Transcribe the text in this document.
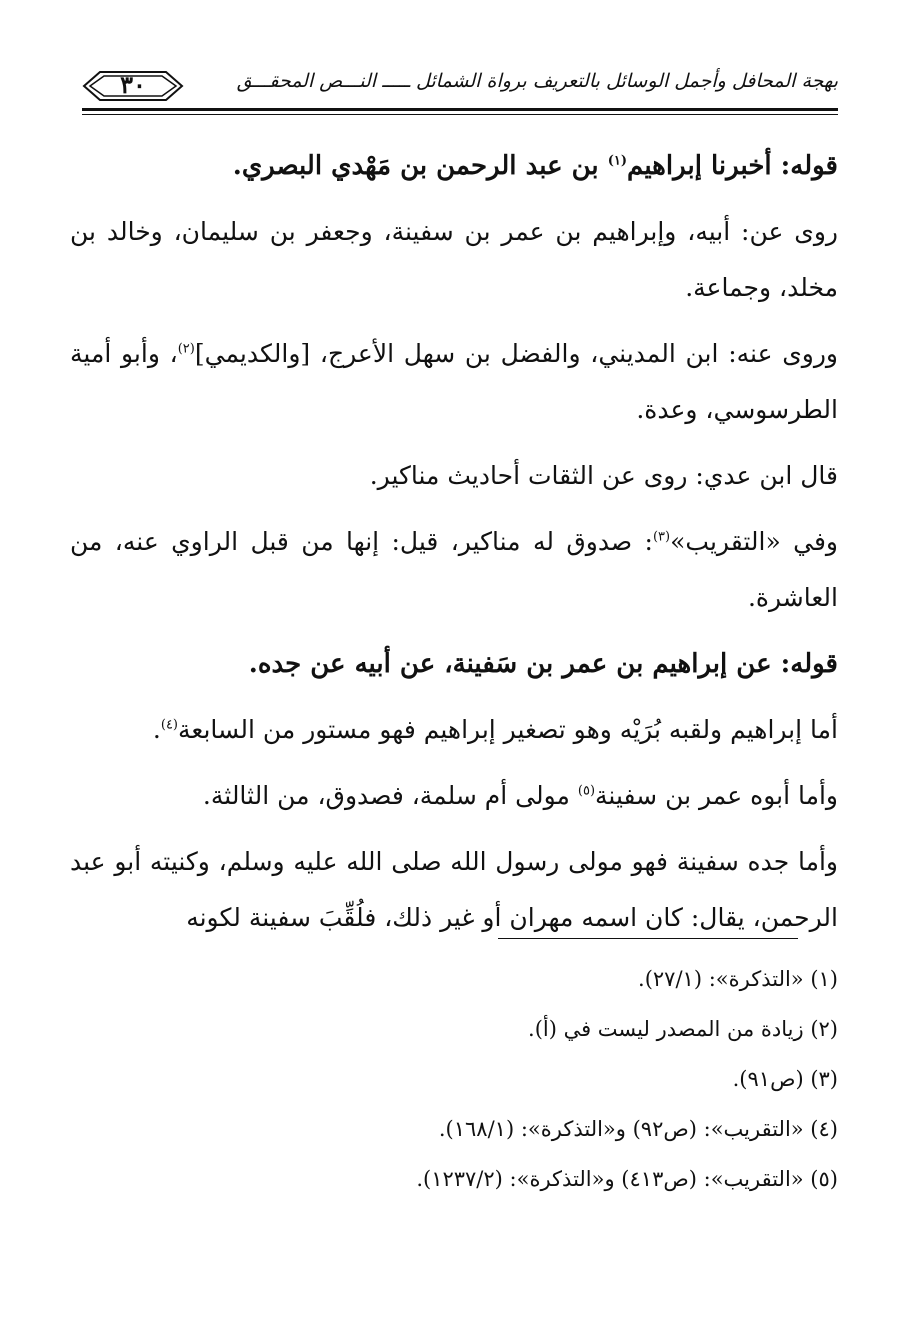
٣٠	بهجة المحافل وأجمل الوسائل بالتعريف برواة الشمائل ـــــ النـــص المحقـــق

قوله: أخبرنا إبراهيم$^{(١)}$ بن عبد الرحمن بن مَهْدي البصري.

روى عن: أبيه، وإبراهيم بن عمر بن سفينة، وجعفر بن سليمان، وخالد بن مخلد، وجماعة.

وروى عنه: ابن المديني، والفضل بن سهل الأعرج، [والكديمي]$^{(٢)}$، وأبو أمية الطرسوسي، وعدة.

قال ابن عدي: روى عن الثقات أحاديث مناكير.

وفي «التقريب»$^{(٣)}$: صدوق له مناكير، قيل: إنها من قبل الراوي عنه، من العاشرة.

قوله: عن إبراهيم بن عمر بن سَفينة، عن أبيه عن جده.

أما إبراهيم ولقبه بُرَيْه وهو تصغير إبراهيم فهو مستور من السابعة$^{(٤)}$.

وأما أبوه عمر بن سفينة$^{(٥)}$ مولى أم سلمة، فصدوق، من الثالثة.

وأما جده سفينة فهو مولى رسول الله صلى الله عليه وسلم، وكنيته أبو عبد الرحمن، يقال: كان اسمه مهران أو غير ذلك، فلُقِّبَ سفينة لكونه

(١) «التذكرة»: (٢٧/١).
(٢) زيادة من المصدر ليست في (أ).
(٣) (ص٩١).
(٤) «التقريب»: (ص٩٢) و«التذكرة»: (١٦٨/١).
(٥) «التقريب»: (ص٤١٣) و«التذكرة»: (١٢٣٧/٢).
